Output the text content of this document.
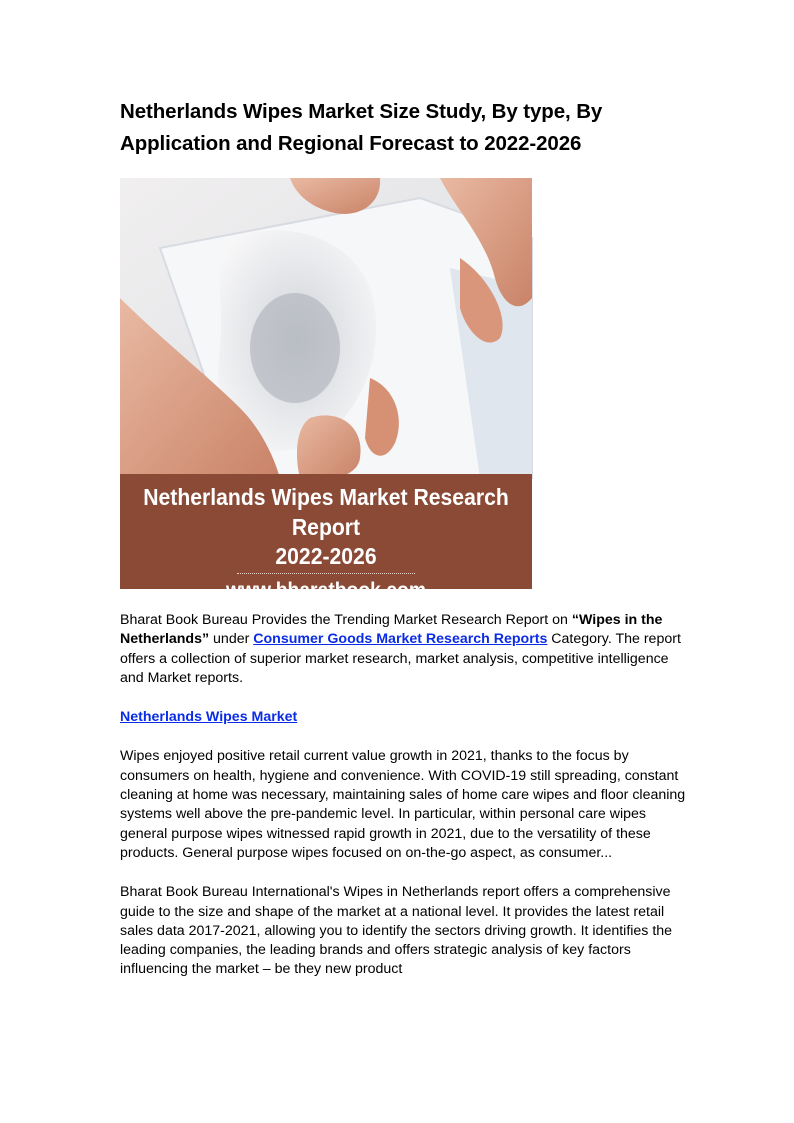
Netherlands Wipes Market Size Study, By type, By Application and Regional Forecast to 2022-2026
Netherlands Wipes Market Research Report
2022-2026
www.bharatbook.com

Bharat Book Bureau Provides the Trending Market Research Report on “Wipes in the Netherlands” under Consumer Goods Market Research Reports Category. The report offers a collection of superior market research, market analysis, competitive intelligence and Market reports.

Netherlands Wipes Market

Wipes enjoyed positive retail current value growth in 2021, thanks to the focus by consumers on health, hygiene and convenience. With COVID-19 still spreading, constant cleaning at home was necessary, maintaining sales of home care wipes and floor cleaning systems well above the pre-pandemic level. In particular, within personal care wipes general purpose wipes witnessed rapid growth in 2021, due to the versatility of these products. General purpose wipes focused on on-the-go aspect, as consumer...

Bharat Book Bureau International's Wipes in Netherlands report offers a comprehensive guide to the size and shape of the market at a national level. It provides the latest retail sales data 2017-2021, allowing you to identify the sectors driving growth. It identifies the leading companies, the leading brands and offers strategic analysis of key factors influencing the market – be they new product
